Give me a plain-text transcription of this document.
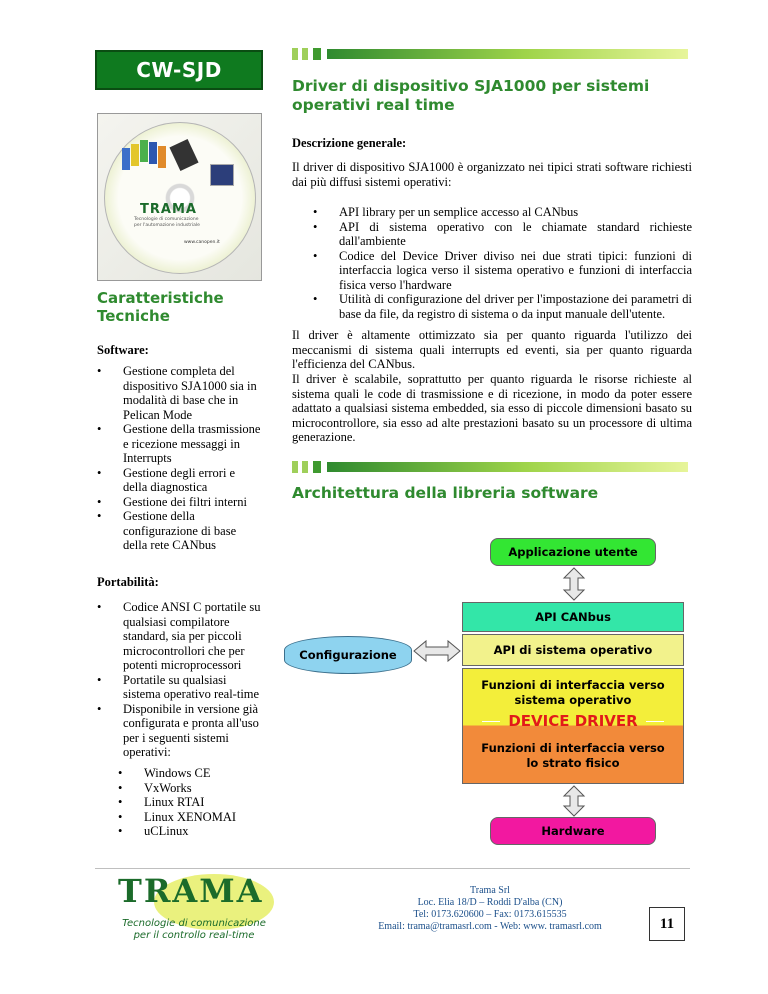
CW-SJD
Driver di dispositivo SJA1000 per sistemi operativi real time
TRAMA
Tecnologie di comunicazione
per l'automazione industriale
www.canopen.it
Caratteristiche Tecniche
Software:
• Gestione completa del dispositivo SJA1000 sia in modalità di base che in Pelican Mode
• Gestione della trasmissione e ricezione messaggi in Interrupts
• Gestione degli errori e della diagnostica
• Gestione dei filtri interni
• Gestione della configurazione di base della rete CANbus
Portabilità:
• Codice ANSI C portatile su qualsiasi compilatore standard, sia per piccoli microcontrollori che per potenti microprocessori
• Portatile su qualsiasi sistema operativo real-time
• Disponibile in versione già configurata e pronta all'uso per i seguenti sistemi operativi:
• Windows CE
• VxWorks
• Linux RTAI
• Linux XENOMAI
• uCLinux
Descrizione generale:
Il driver di dispositivo SJA1000 è organizzato nei tipici strati software richiesti dai più diffusi sistemi operativi:
• API library per un semplice accesso al CANbus
• API di sistema operativo con le chiamate standard richieste dall'ambiente
• Codice del Device Driver diviso nei due strati tipici: funzioni di interfaccia logica verso il sistema operativo e funzioni di interfaccia fisica verso l'hardware
• Utilità di configurazione del driver per l'impostazione dei parametri di base da file, da registro di sistema o da input manuale dell'utente.
Il driver è altamente ottimizzato sia per quanto riguarda l'utilizzo dei meccanismi di sistema quali interrupts ed eventi, sia per quanto riguarda l'efficienza del CANbus.
Il driver è scalabile, soprattutto per quanto riguarda le risorse richieste al sistema quali le code di trasmissione e di ricezione, in modo da poter essere adattato a qualsiasi sistema embedded, sia esso di piccole dimensioni basato su microcontrollore, sia esso ad alte prestazioni basato su un processore di ultima generazione.
Architettura della libreria software
Applicazione utente
API CANbus
API di sistema operativo
Configurazione
Funzioni di interfaccia verso sistema operativo
Funzioni di interfaccia verso lo strato fisico
DEVICE DRIVER
Hardware
TRAMA
Tecnologie di comunicazione
per il controllo real-time
Trama Srl
Loc. Elia 18/D – Roddi D'alba (CN)
Tel: 0173.620600 – Fax: 0173.615535
Email: trama@tramasrl.com - Web: www. tramasrl.com	11
